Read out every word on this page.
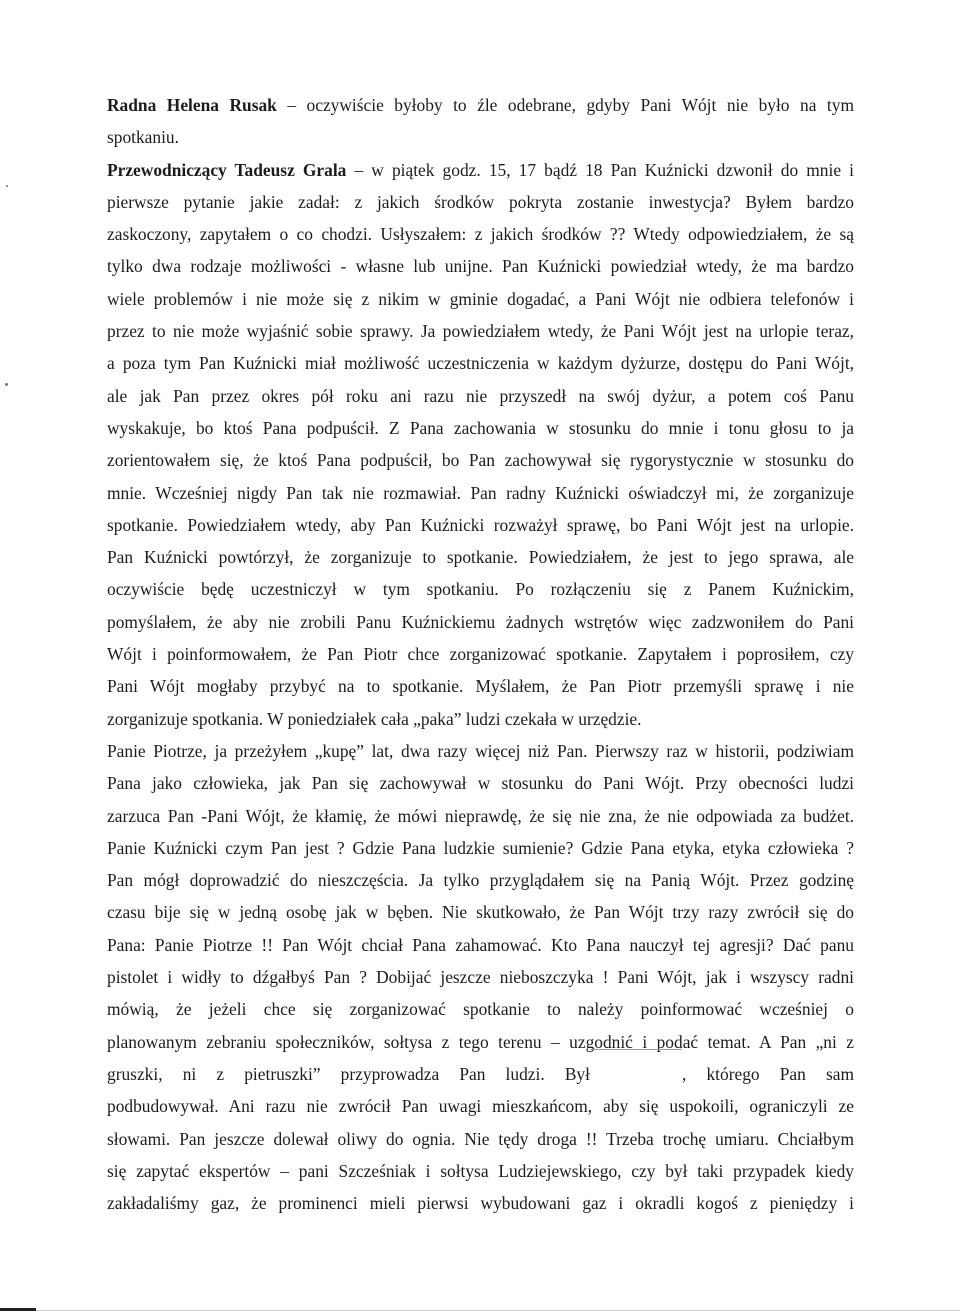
Radna Helena Rusak – oczywiście byłoby to źle odebrane, gdyby Pani Wójt nie było na tym
spotkaniu.
Przewodniczący Tadeusz Grala – w piątek godz. 15, 17 bądź 18 Pan Kuźnicki dzwonił do mnie i
pierwsze pytanie jakie zadał: z jakich środków pokryta zostanie inwestycja? Byłem bardzo
zaskoczony, zapytałem o co chodzi. Usłyszałem: z jakich środków ?? Wtedy odpowiedziałem, że są
tylko dwa rodzaje możliwości - własne lub unijne. Pan Kuźnicki powiedział wtedy, że ma bardzo
wiele problemów i nie może się z nikim w gminie dogadać, a Pani Wójt nie odbiera telefonów i
przez to nie może wyjaśnić sobie sprawy. Ja powiedziałem wtedy, że Pani Wójt jest na urlopie teraz,
a poza tym Pan Kuźnicki miał możliwość uczestniczenia w każdym dyżurze, dostępu do Pani Wójt,
ale jak Pan przez okres pół roku ani razu nie przyszedł na swój dyżur, a potem coś Panu
wyskakuje, bo ktoś Pana podpuścił. Z Pana zachowania w stosunku do mnie i tonu głosu to ja
zorientowałem się, że ktoś Pana podpuścił, bo Pan zachowywał się rygorystycznie w stosunku do
mnie. Wcześniej nigdy Pan tak nie rozmawiał. Pan radny Kuźnicki oświadczył mi, że zorganizuje
spotkanie. Powiedziałem wtedy, aby Pan Kuźnicki rozważył sprawę, bo Pani Wójt jest na urlopie.
Pan Kuźnicki powtórzył, że zorganizuje to spotkanie. Powiedziałem, że jest to jego sprawa, ale
oczywiście będę uczestniczył w tym spotkaniu. Po rozłączeniu się z Panem Kuźnickim,
pomyślałem, że aby nie zrobili Panu Kuźnickiemu żadnych wstrętów więc zadzwoniłem do Pani
Wójt i poinformowałem, że Pan Piotr chce zorganizować spotkanie. Zapytałem i poprosiłem, czy
Pani Wójt mogłaby przybyć na to spotkanie. Myślałem, że Pan Piotr przemyśli sprawę i nie
zorganizuje spotkania. W poniedziałek cała „paka” ludzi czekała w urzędzie.
Panie Piotrze, ja przeżyłem „kupę” lat, dwa razy więcej niż Pan. Pierwszy raz w historii, podziwiam
Pana jako człowieka, jak Pan się zachowywał w stosunku do Pani Wójt. Przy obecności ludzi
zarzuca Pan -Pani Wójt, że kłamię, że mówi nieprawdę, że się nie zna, że nie odpowiada za budżet.
Panie Kuźnicki czym Pan jest ? Gdzie Pana ludzkie sumienie? Gdzie Pana etyka, etyka człowieka ?
Pan mógł doprowadzić do nieszczęścia. Ja tylko przyglądałem się na Panią Wójt. Przez godzinę
czasu bije się w jedną osobę jak w bęben. Nie skutkowało, że Pan Wójt trzy razy zwrócił się do
Pana: Panie Piotrze !! Pan Wójt chciał Pana zahamować. Kto Pana nauczył tej agresji? Dać panu
pistolet i widły to dźgałbyś Pan ? Dobijać jeszcze nieboszczyka ! Pani Wójt, jak i wszyscy radni
mówią, że jeżeli chce się zorganizować spotkanie to należy poinformować wcześniej o
planowanym zebraniu społeczników, sołtysa z tego terenu – uzgodnić i podać temat. A Pan „ni z
gruszki, ni z pietruszki” przyprowadza Pan ludzi. Był	, którego Pan sam
podbudowywał. Ani razu nie zwrócił Pan uwagi mieszkańcom, aby się uspokoili, ograniczyli ze
słowami. Pan jeszcze dolewał oliwy do ognia. Nie tędy droga !! Trzeba trochę umiaru. Chciałbym
się zapytać ekspertów – pani Szcześniak i sołtysa Ludziejewskiego, czy był taki przypadek kiedy
zakładaliśmy gaz, że prominenci mieli pierwsi wybudowani gaz i okradli kogoś z pieniędzy i
